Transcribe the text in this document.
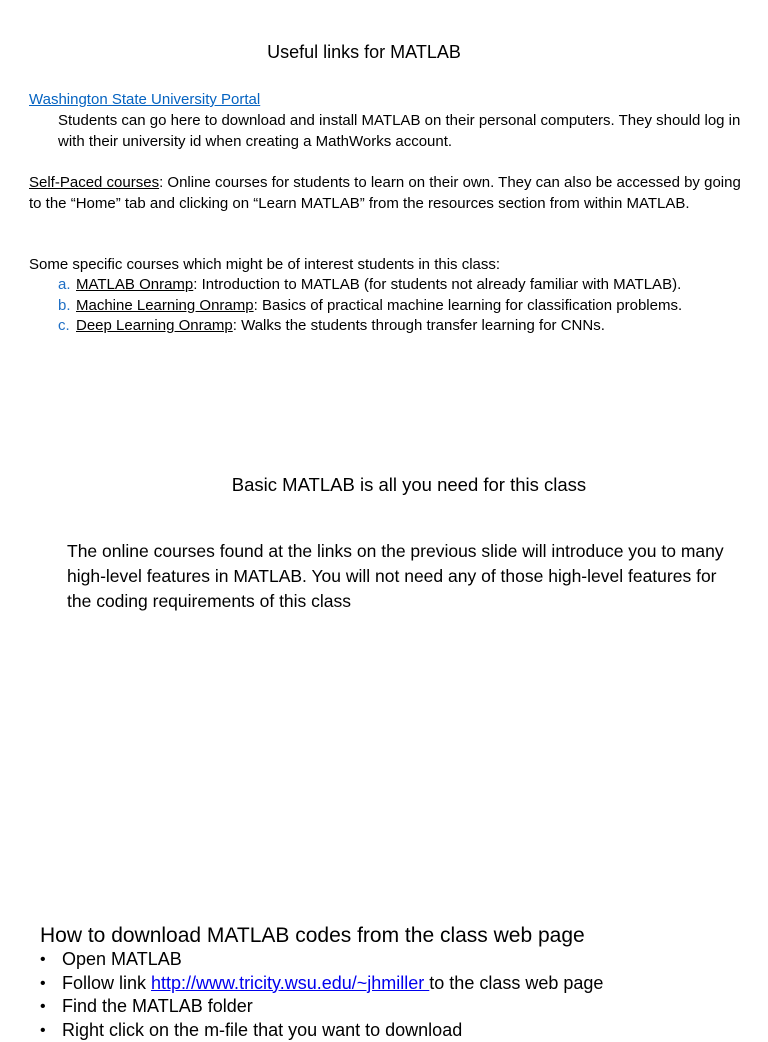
Useful links for MATLAB
Washington State University Portal
Students can go here to download and install MATLAB on their personal computers. They should log in with their university id when creating a MathWorks account.
Self-Paced courses: Online courses for students to learn on their own. They can also be accessed by going to the “Home” tab and clicking on “Learn MATLAB” from the resources section from within MATLAB.
Some specific courses which might be of interest students in this class:
a. MATLAB Onramp: Introduction to MATLAB (for students not already familiar with MATLAB).
b. Machine Learning Onramp: Basics of practical machine learning for classification problems.
c. Deep Learning Onramp: Walks the students through transfer learning for CNNs.
Basic MATLAB is all you need for this class
The online courses found at the links on the previous slide will introduce you to many high-level features in MATLAB. You will not need any of those high-level features for the coding requirements of this class
How to download MATLAB codes from the class web page
• Open MATLAB
• Follow link http://www.tricity.wsu.edu/~jhmiller to the class web page
• Find the MATLAB folder
• Right click on the m-file that you want to download
